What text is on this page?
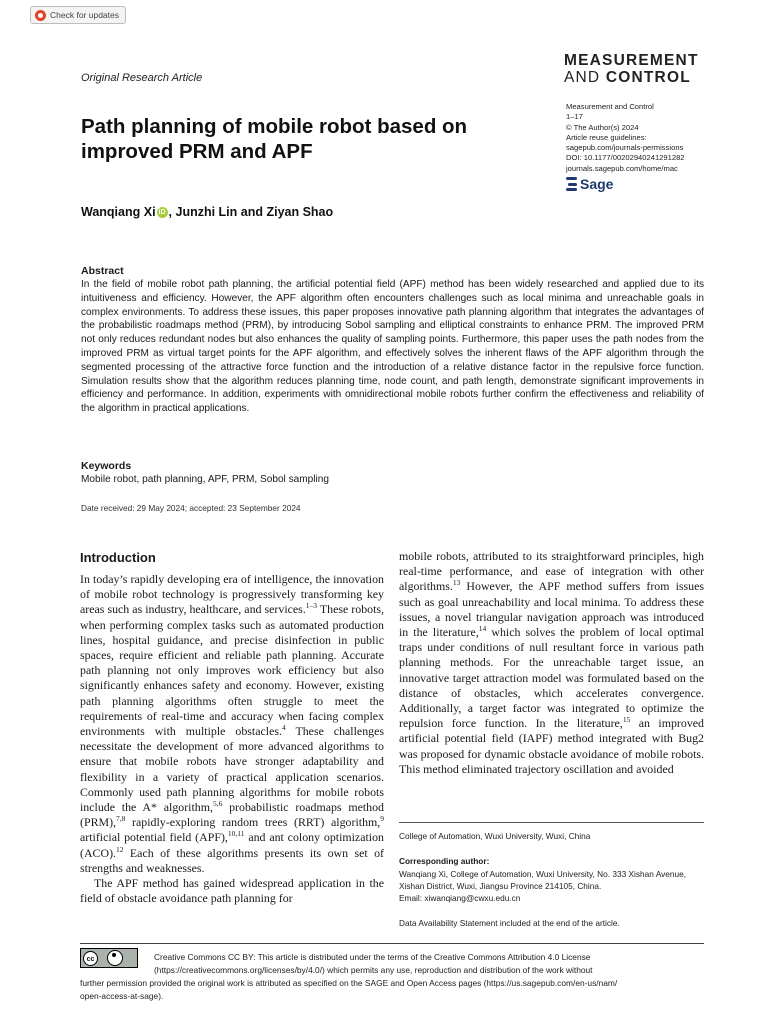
Check for updates
MEASUREMENT
AND CONTROL
Original Research Article
Measurement and Control
1–17
© The Author(s) 2024
Article reuse guidelines:
sagepub.com/journals-permissions
DOI: 10.1177/00202940241291282
journals.sagepub.com/home/mac
Sage
Path planning of mobile robot based on improved PRM and APF
Wanqiang Xi iD , Junzhi Lin and Ziyan Shao
Abstract
In the field of mobile robot path planning, the artificial potential field (APF) method has been widely researched and applied due to its intuitiveness and efficiency. However, the APF algorithm often encounters challenges such as local minima and unreachable goals in complex environments. To address these issues, this paper proposes innovative path planning algorithm that integrates the advantages of the probabilistic roadmaps method (PRM), by introducing Sobol sampling and elliptical constraints to enhance PRM. The improved PRM not only reduces redundant nodes but also enhances the quality of sampling points. Furthermore, this paper uses the path nodes from the improved PRM as virtual target points for the APF algorithm, and effectively solves the inherent flaws of the APF algorithm through the segmented processing of the attractive force function and the introduction of a relative distance factor in the repulsive force function. Simulation results show that the algorithm reduces planning time, node count, and path length, demonstrate significant improvements in efficiency and performance. In addition, experiments with omnidirectional mobile robots further confirm the effectiveness and reliability of the algorithm in practical applications.
Keywords
Mobile robot, path planning, APF, PRM, Sobol sampling
Date received: 29 May 2024; accepted: 23 September 2024
Introduction

In today’s rapidly developing era of intelligence, the innovation of mobile robot technology is progressively transforming key areas such as industry, healthcare, and services.$^{1-3}$ These robots, when performing complex tasks such as automated production lines, hospital guidance, and precise disinfection in public spaces, require efficient and reliable path planning. Accurate path planning not only improves work efficiency but also significantly enhances safety and economy. However, existing path planning algorithms often struggle to meet the requirements of real-time and accuracy when facing complex environments with multiple obstacles.$^4$ These challenges necessitate the development of more advanced algorithms to ensure that mobile robots have stronger adaptability and flexibility in a variety of practical application scenarios. Commonly used path planning algorithms for mobile robots include the A* algorithm,$^{5,6}$ probabilistic roadmaps method (PRM),$^{7,8}$ rapidly-exploring random trees (RRT) algorithm,$^9$ artificial potential field (APF),$^{10,11}$ and ant colony optimization (ACO).$^{12}$ Each of these algorithms presents its own set of strengths and weaknesses.

The APF method has gained widespread application in the field of obstacle avoidance path planning for

mobile robots, attributed to its straightforward principles, high real-time performance, and ease of integration with other algorithms.$^{13}$ However, the APF method suffers from issues such as goal unreachability and local minima. To address these issues, a novel triangular navigation approach was introduced in the literature,$^{14}$ which solves the problem of local optimal traps under conditions of null resultant force in various path planning methods. For the unreachable target issue, an innovative target attraction model was formulated based on the distance of obstacles, which accelerates convergence. Additionally, a target factor was integrated to optimize the repulsion force function. In the literature,$^{15}$ an improved artificial potential field (IAPF) method integrated with Bug2 was proposed for dynamic obstacle avoidance of mobile robots. This method eliminated trajectory oscillation and avoided

College of Automation, Wuxi University, Wuxi, China
Corresponding author:
Wanqiang Xi, College of Automation, Wuxi University, No. 333 Xishan Avenue, Xishan District, Wuxi, Jiangsu Province 214105, China.
Email: xiwanqiang@cwxu.edu.cn
Data Availability Statement included at the end of the article.
Creative Commons CC BY: This article is distributed under the terms of the Creative Commons Attribution 4.0 License
(https://creativecommons.org/licenses/by/4.0/) which permits any use, reproduction and distribution of the work without
further permission provided the original work is attributed as specified on the SAGE and Open Access pages (https://us.sagepub.com/en-us/nam/
open-access-at-sage).
cc
